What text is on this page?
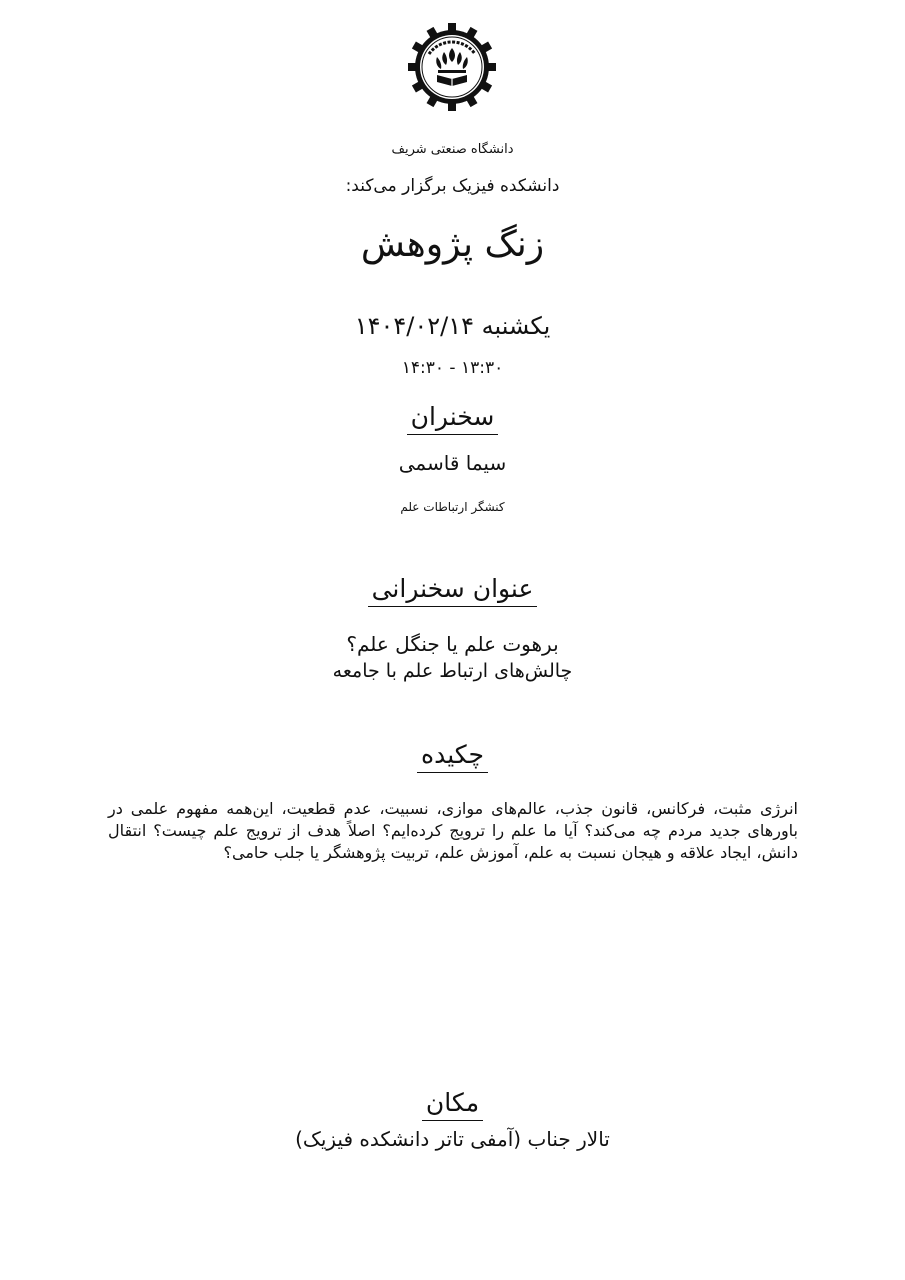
دانشگاه صنعتی شریف
دانشکده فیزیک برگزار می‌کند:
زنگ پژوهش
یکشنبه ۱۴۰۴/۰۲/۱۴
۱۳:۳۰ - ۱۴:۳۰
سخنران
سیما قاسمی
کنشگر ارتباطات علم
عنوان سخنرانی
برهوت علم یا جنگل علم؟
چالش‌های ارتباط علم با جامعه
چکیده
انرژی مثبت، فرکانس، قانون جذب، عالم‌های موازی، نسبیت، عدم قطعیت، این‌همه مفهوم علمی در باورهای جدید مردم چه می‌کند؟ آیا ما علم را ترویج کرده‌ایم؟ اصلاً هدف از ترویج علم چیست؟ انتقال دانش، ایجاد علاقه و هیجان نسبت به علم، آموزش علم، تربیت پژوهشگر یا جلب حامی؟
مکان
تالار جناب (آمفی تاتر دانشکده فیزیک)
